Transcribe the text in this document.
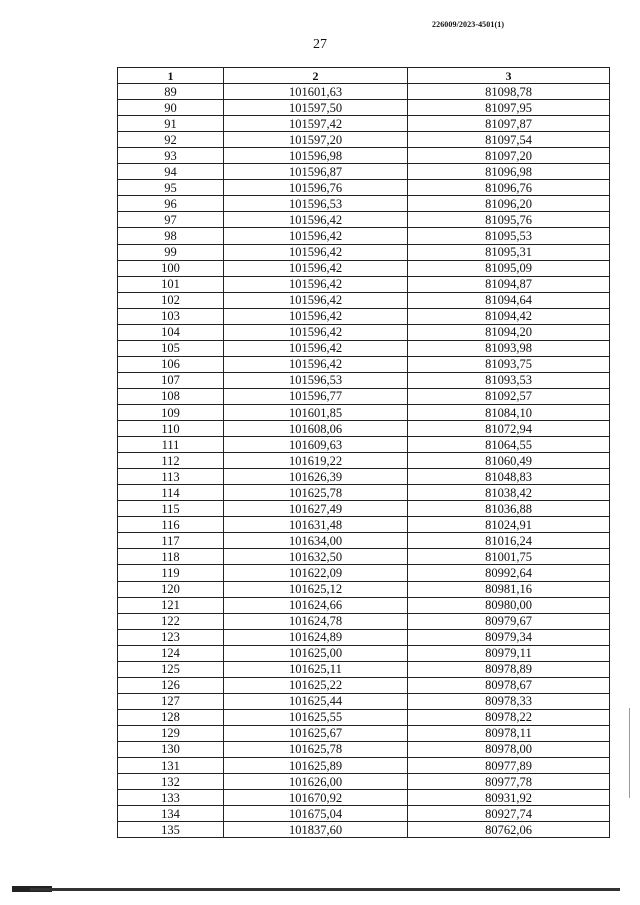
226009/2023-4501(1)
27
1	2	3
89	101601,63	81098,78
90	101597,50	81097,95
91	101597,42	81097,87
92	101597,20	81097,54
93	101596,98	81097,20
94	101596,87	81096,98
95	101596,76	81096,76
96	101596,53	81096,20
97	101596,42	81095,76
98	101596,42	81095,53
99	101596,42	81095,31
100	101596,42	81095,09
101	101596,42	81094,87
102	101596,42	81094,64
103	101596,42	81094,42
104	101596,42	81094,20
105	101596,42	81093,98
106	101596,42	81093,75
107	101596,53	81093,53
108	101596,77	81092,57
109	101601,85	81084,10
110	101608,06	81072,94
111	101609,63	81064,55
112	101619,22	81060,49
113	101626,39	81048,83
114	101625,78	81038,42
115	101627,49	81036,88
116	101631,48	81024,91
117	101634,00	81016,24
118	101632,50	81001,75
119	101622,09	80992,64
120	101625,12	80981,16
121	101624,66	80980,00
122	101624,78	80979,67
123	101624,89	80979,34
124	101625,00	80979,11
125	101625,11	80978,89
126	101625,22	80978,67
127	101625,44	80978,33
128	101625,55	80978,22
129	101625,67	80978,11
130	101625,78	80978,00
131	101625,89	80977,89
132	101626,00	80977,78
133	101670,92	80931,92
134	101675,04	80927,74
135	101837,60	80762,06
